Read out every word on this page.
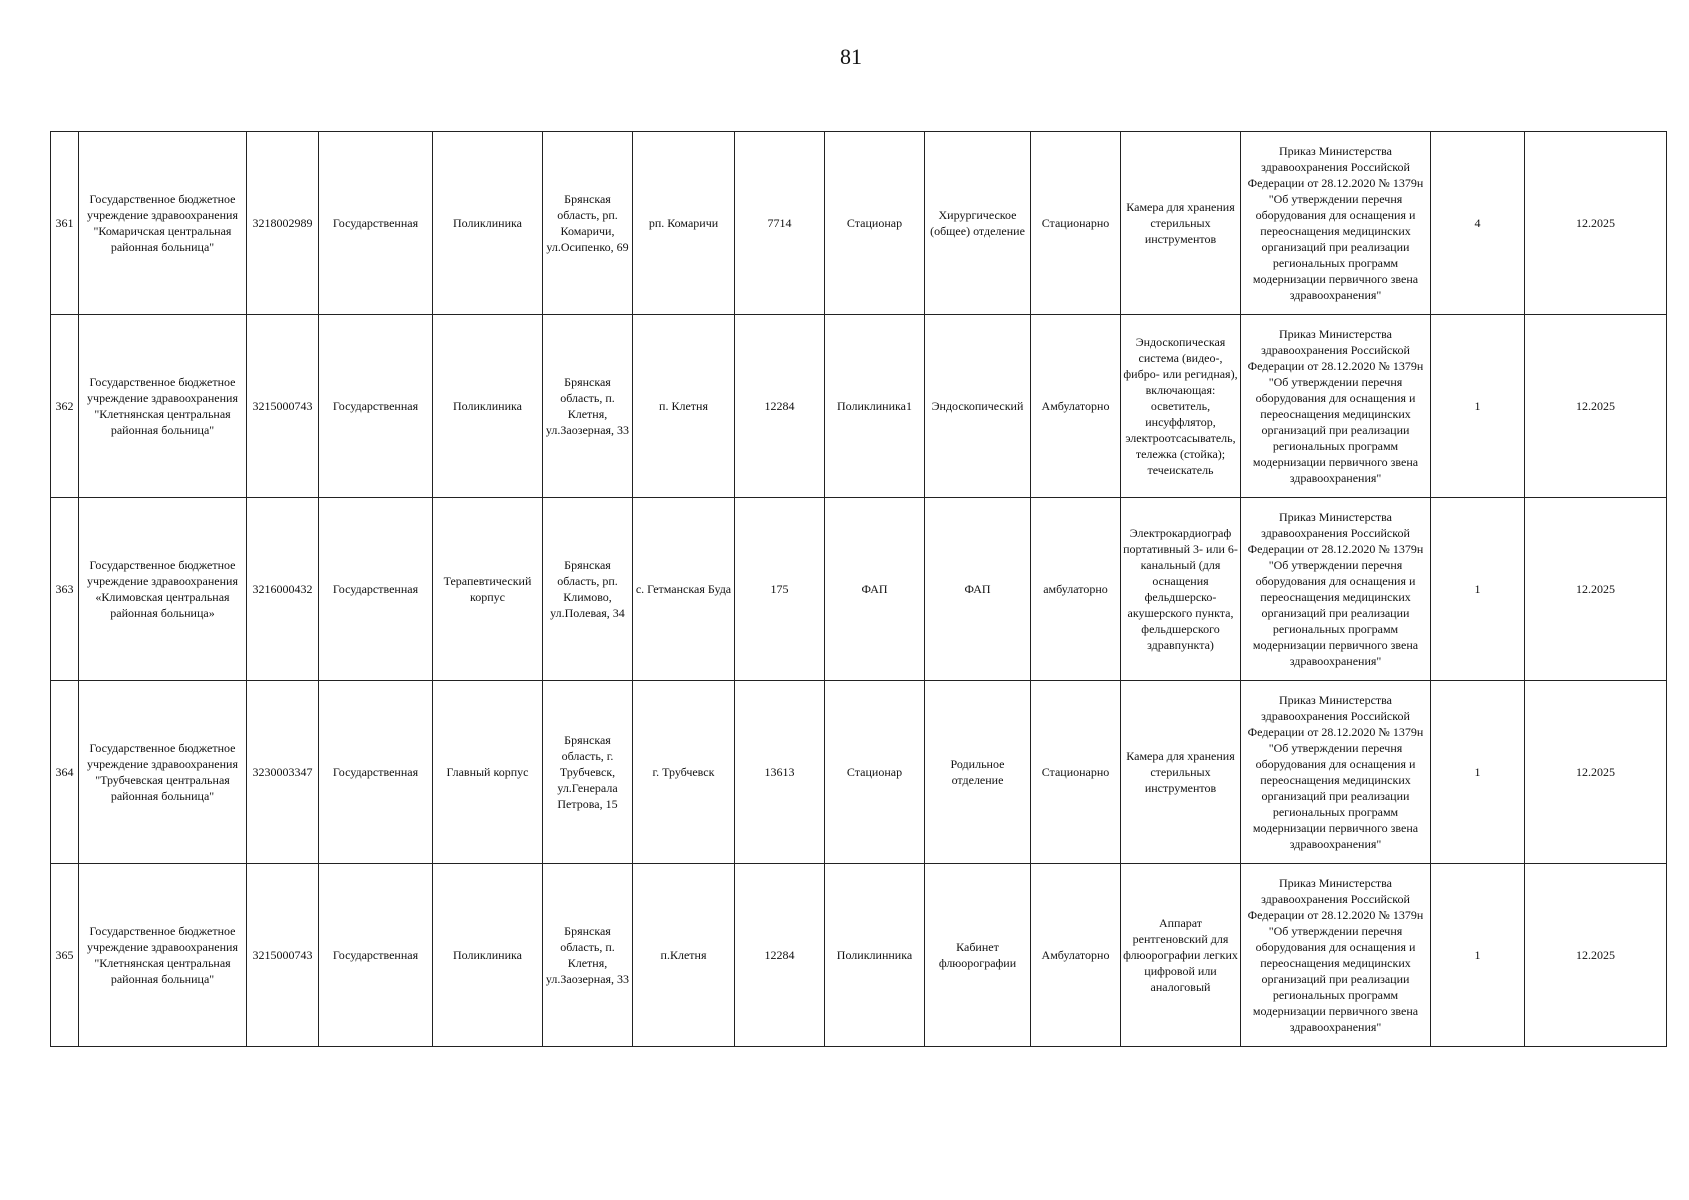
81
361	Государственное бюджетное учреждение здравоохранения "Комаричская центральная районная больница"	3218002989	Государственная	Поликлиника	Брянская область, рп. Комаричи, ул.Осипенко, 69	рп. Комаричи	7714	Стационар	Хирургическое (общее) отделение	Стационарно	Камера для хранения стерильных инструментов	Приказ Министерства здравоохранения Российской Федерации от 28.12.2020 № 1379н "Об утверждении перечня оборудования для оснащения и переоснащения медицинских организаций при реализации региональных программ модернизации первичного звена здравоохранения"	4	12.2025
362	Государственное бюджетное учреждение здравоохранения "Клетнянская центральная районная больница"	3215000743	Государственная	Поликлиника	Брянская область, п. Клетня, ул.Заозерная, 33	п. Клетня	12284	Поликлиника1	Эндоскопический	Амбулаторно	Эндоскопическая система (видео-, фибро- или регидная), включающая: осветитель, инсуффлятор, электроотсасыватель, тележка (стойка); течеискатель	Приказ Министерства здравоохранения Российской Федерации от 28.12.2020 № 1379н "Об утверждении перечня оборудования для оснащения и переоснащения медицинских организаций при реализации региональных программ модернизации первичного звена здравоохранения"	1	12.2025
363	Государственное бюджетное учреждение здравоохранения «Климовская центральная районная больница»	3216000432	Государственная	Терапевтический корпус	Брянская область, рп. Климово, ул.Полевая, 34	с. Гетманская Буда	175	ФАП	ФАП	амбулаторно	Электрокардиограф портативный 3- или 6-канальный (для оснащения фельдшерско-акушерского пункта, фельдшерского здравпункта)	Приказ Министерства здравоохранения Российской Федерации от 28.12.2020 № 1379н "Об утверждении перечня оборудования для оснащения и переоснащения медицинских организаций при реализации региональных программ модернизации первичного звена здравоохранения"	1	12.2025
364	Государственное бюджетное учреждение здравоохранения "Трубчевская центральная районная больница"	3230003347	Государственная	Главный корпус	Брянская область, г. Трубчевск, ул.Генерала Петрова, 15	г. Трубчевск	13613	Стационар	Родильное отделение	Стационарно	Камера для хранения стерильных инструментов	Приказ Министерства здравоохранения Российской Федерации от 28.12.2020 № 1379н "Об утверждении перечня оборудования для оснащения и переоснащения медицинских организаций при реализации региональных программ модернизации первичного звена здравоохранения"	1	12.2025
365	Государственное бюджетное учреждение здравоохранения "Клетнянская центральная районная больница"	3215000743	Государственная	Поликлиника	Брянская область, п. Клетня, ул.Заозерная, 33	п.Клетня	12284	Поликлинника	Кабинет флюорографии	Амбулаторно	Аппарат рентгеновский для флюорографии легких цифровой или аналоговый	Приказ Министерства здравоохранения Российской Федерации от 28.12.2020 № 1379н "Об утверждении перечня оборудования для оснащения и переоснащения медицинских организаций при реализации региональных программ модернизации первичного звена здравоохранения"	1	12.2025
